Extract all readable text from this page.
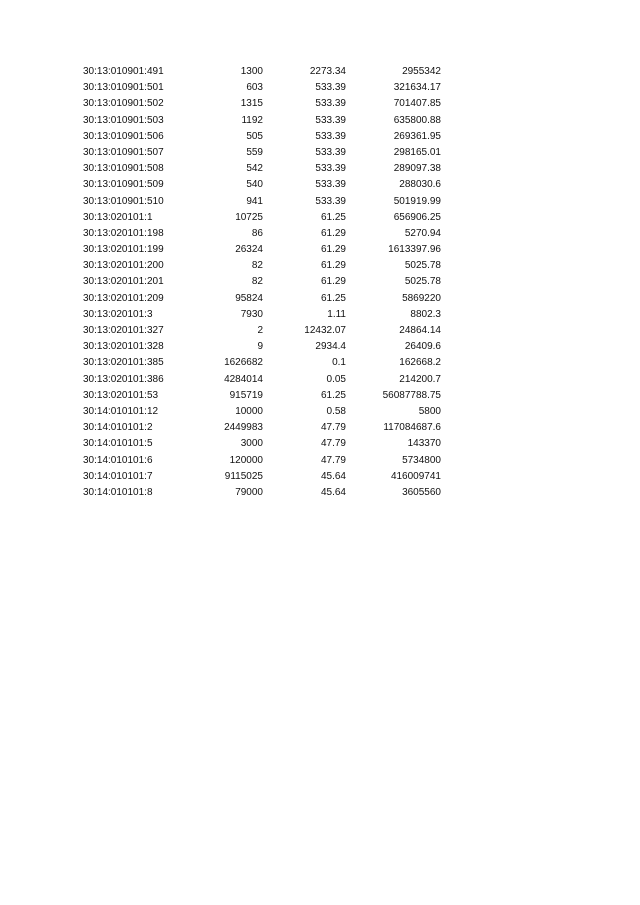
30:13:010901:491	1300	2273.34	2955342
30:13:010901:501	603	533.39	321634.17
30:13:010901:502	1315	533.39	701407.85
30:13:010901:503	1192	533.39	635800.88
30:13:010901:506	505	533.39	269361.95
30:13:010901:507	559	533.39	298165.01
30:13:010901:508	542	533.39	289097.38
30:13:010901:509	540	533.39	288030.6
30:13:010901:510	941	533.39	501919.99
30:13:020101:1	10725	61.25	656906.25
30:13:020101:198	86	61.29	5270.94
30:13:020101:199	26324	61.29	1613397.96
30:13:020101:200	82	61.29	5025.78
30:13:020101:201	82	61.29	5025.78
30:13:020101:209	95824	61.25	5869220
30:13:020101:3	7930	1.11	8802.3
30:13:020101:327	2	12432.07	24864.14
30:13:020101:328	9	2934.4	26409.6
30:13:020101:385	1626682	0.1	162668.2
30:13:020101:386	4284014	0.05	214200.7
30:13:020101:53	915719	61.25	56087788.75
30:14:010101:12	10000	0.58	5800
30:14:010101:2	2449983	47.79	117084687.6
30:14:010101:5	3000	47.79	143370
30:14:010101:6	120000	47.79	5734800
30:14:010101:7	9115025	45.64	416009741
30:14:010101:8	79000	45.64	3605560
